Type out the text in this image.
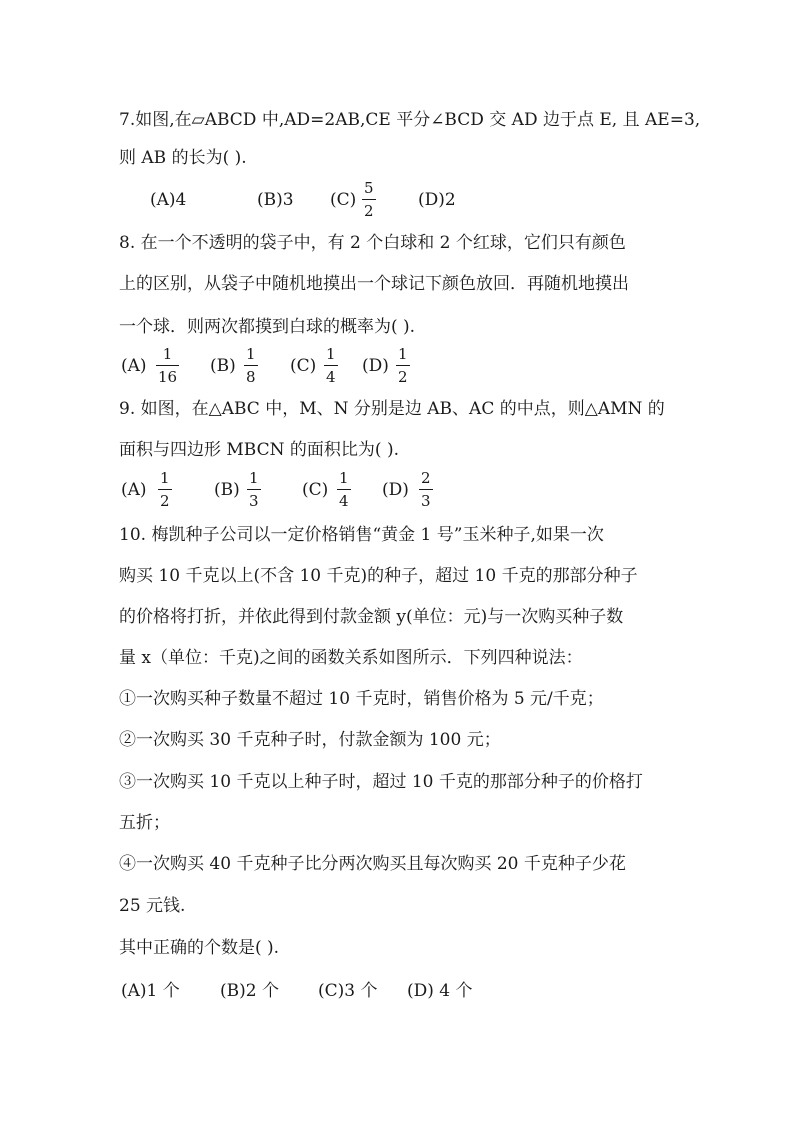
7.如图,在▱ABCD 中,AD=2AB,CE 平分∠BCD 交 AD 边于点 E, 且 AE=3,
则 AB 的长为( ).
(A)4	(B)3 (C)
5
2
(D)2
8. 在一个不透明的袋子中，有 2 个白球和 2 个红球，它们只有颜色
上的区别，从袋子中随机地摸出一个球记下颜色放回．再随机地摸出
一个球．则两次都摸到白球的概率为( ).
(A)
1
16
(B)
1
8
(C)
1
4
(D)
1
2
9. 如图，在△ABC 中，M、N 分别是边 AB、AC 的中点，则△AMN 的
面积与四边形 MBCN 的面积比为( ).
(A)
1
2
(B)
1
3
(C)
1
4
(D)
2
3
10. 梅凯种子公司以一定价格销售“黄金 1 号”玉米种子,如果一次
购买 10 千克以上(不含 10 千克)的种子，超过 10 千克的那部分种子
的价格将打折，并依此得到付款金额 y(单位：元)与一次购买种子数
量 x（单位：千克)之间的函数关系如图所示．下列四种说法：
①一次购买种子数量不超过 10 千克时，销售价格为 5 元/千克；
②一次购买 30 千克种子时，付款金额为 100 元；
③一次购买 10 千克以上种子时，超过 10 千克的那部分种子的价格打
五折；
④一次购买 40 千克种子比分两次购买且每次购买 20 千克种子少花
25 元钱.
其中正确的个数是( ).
(A)1 个 (B)2 个 (C)3 个 (D) 4 个
